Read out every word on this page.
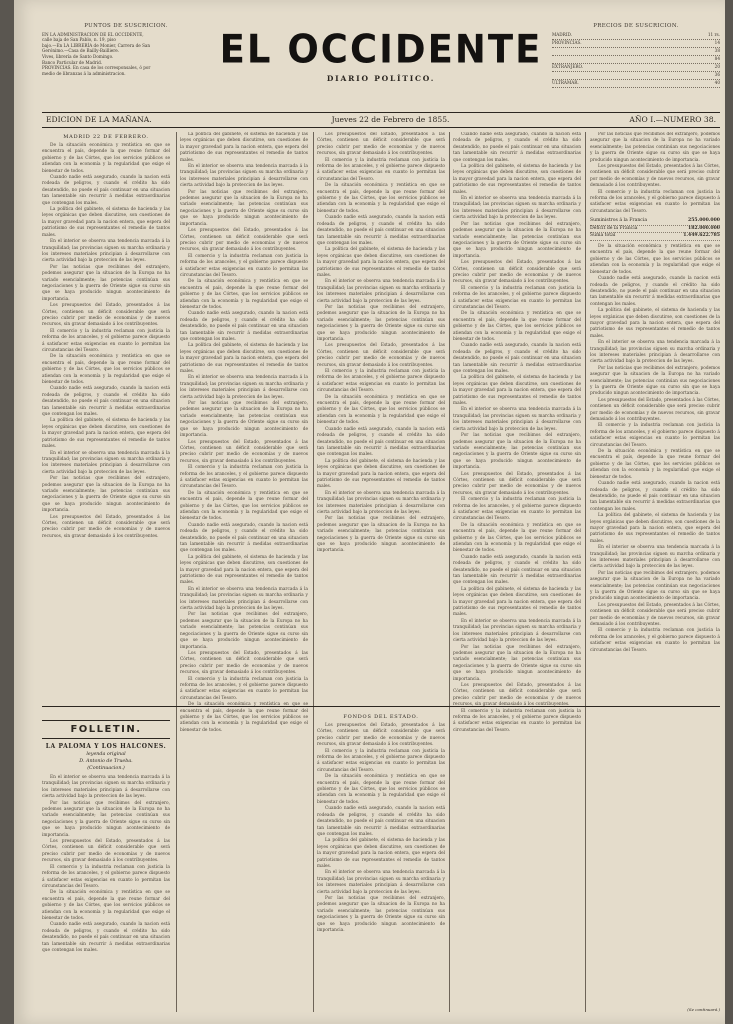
PUNTOS DE SUSCRICION.
EN LA ADMINISTRACION DE EL OCCIDENTE,
calle baja de San Pablo, n. 19, piso
bajo.—En LA LIBRERÍA de Monier, Carrera de San
Gerónimo.—Casa de Bailly-Bailliere.
Vives, librería de Santo Domingo.
Banco Particular de Madrid.
PROVINCIAS. En casa de los corresponsales, ó por
medio de libranzas á la administracion.
EL OCCIDENTE
DIARIO POLÍTICO.
PRECIOS DE SUSCRICION.
MADRID.	11 rs.
PROVINCIAS.	14
38
84
EXTRANJERO.	20
36
ULTRAMAR.	40
EDICION DE LA MAÑANA.	Jueves 22 de Febrero de 1855.	AÑO I.—NUMERO 38.
MADRID 22 DE FEBRERO.

De la situación económica y rentística en que se encuentra el país, depende la que reune formar del gobierno y de las Córtes, que los servicios públicos se atiendan con la economía y la regularidad que exige el bienestar de todos.

Cuando nadie está asegurado, cuando la nacion está rodeada de peligros, y cuando el crédito ha sido desatendido, no puede el país continuar en una situacion tan lamentable sin recurrir á medidas extraordinarias que contengan los males.

La política del gabinete, el sistema de hacienda y las leyes orgánicas que deben discutirse, son cuestiones de la mayor gravedad para la nacion entera, que espera del patriotismo de sus representantes el remedio de tantos males.

En el interior se observa una tendencia marcada á la tranquilidad; las provincias siguen su marcha ordinaria y los intereses materiales principian á desarrollarse con cierta actividad bajo la proteccion de las leyes.

Por las noticias que recibimos del extranjero, podemos asegurar que la situacion de la Europa no ha variado esencialmente; las potencias continúan sus negociaciones y la guerra de Oriente sigue su curso sin que se haya producido ningun acontecimiento de importancia.

Los presupuestos del Estado, presentados á las Córtes, contienen un déficit considerable que será preciso cubrir por medio de economías y de nuevos recursos, sin gravar demasiado á los contribuyentes.

El comercio y la industria reclaman con justicia la reforma de los aranceles, y el gobierno parece dispuesto á satisfacer estas exigencias en cuanto lo permitan las circunstancias del Tesoro.

De la situación económica y rentística en que se encuentra el país, depende la que reune formar del gobierno y de las Córtes, que los servicios públicos se atiendan con la economía y la regularidad que exige el bienestar de todos.

Cuando nadie está asegurado, cuando la nacion está rodeada de peligros, y cuando el crédito ha sido desatendido, no puede el país continuar en una situacion tan lamentable sin recurrir á medidas extraordinarias que contengan los males.

La política del gabinete, el sistema de hacienda y las leyes orgánicas que deben discutirse, son cuestiones de la mayor gravedad para la nacion entera, que espera del patriotismo de sus representantes el remedio de tantos males.

En el interior se observa una tendencia marcada á la tranquilidad; las provincias siguen su marcha ordinaria y los intereses materiales principian á desarrollarse con cierta actividad bajo la proteccion de las leyes.

Por las noticias que recibimos del extranjero, podemos asegurar que la situacion de la Europa no ha variado esencialmente; las potencias continúan sus negociaciones y la guerra de Oriente sigue su curso sin que se haya producido ningun acontecimiento de importancia.

Los presupuestos del Estado, presentados á las Córtes, contienen un déficit considerable que será preciso cubrir por medio de economías y de nuevos recursos, sin gravar demasiado á los contribuyentes.

FOLLETIN.
LA PALOMA Y LOS HALCONES.
leyenda original
D. Antonio de Trueba.
(Continuacion.)

En el interior se observa una tendencia marcada á la tranquilidad; las provincias siguen su marcha ordinaria y los intereses materiales principian á desarrollarse con cierta actividad bajo la proteccion de las leyes.

Por las noticias que recibimos del extranjero, podemos asegurar que la situacion de la Europa no ha variado esencialmente; las potencias continúan sus negociaciones y la guerra de Oriente sigue su curso sin que se haya producido ningun acontecimiento de importancia.

Los presupuestos del Estado, presentados á las Córtes, contienen un déficit considerable que será preciso cubrir por medio de economías y de nuevos recursos, sin gravar demasiado á los contribuyentes.

El comercio y la industria reclaman con justicia la reforma de los aranceles, y el gobierno parece dispuesto á satisfacer estas exigencias en cuanto lo permitan las circunstancias del Tesoro.

De la situación económica y rentística en que se encuentra el país, depende la que reune formar del gobierno y de las Córtes, que los servicios públicos se atiendan con la economía y la regularidad que exige el bienestar de todos.

Cuando nadie está asegurado, cuando la nacion está rodeada de peligros, y cuando el crédito ha sido desatendido, no puede el país continuar en una situacion tan lamentable sin recurrir á medidas extraordinarias que contengan los males.

La política del gabinete, el sistema de hacienda y las leyes orgánicas que deben discutirse, son cuestiones de la mayor gravedad para la nacion entera, que espera del patriotismo de sus representantes el remedio de tantos males.

En el interior se observa una tendencia marcada á la tranquilidad; las provincias siguen su marcha ordinaria y los intereses materiales principian á desarrollarse con cierta actividad bajo la proteccion de las leyes.

Por las noticias que recibimos del extranjero, podemos asegurar que la situacion de la Europa no ha variado esencialmente; las potencias continúan sus negociaciones y la guerra de Oriente sigue su curso sin que se haya producido ningun acontecimiento de importancia.

Los presupuestos del Estado, presentados á las Córtes, contienen un déficit considerable que será preciso cubrir por medio de economías y de nuevos recursos, sin gravar demasiado á los contribuyentes.

El comercio y la industria reclaman con justicia la reforma de los aranceles, y el gobierno parece dispuesto á satisfacer estas exigencias en cuanto lo permitan las circunstancias del Tesoro.

De la situación económica y rentística en que se encuentra el país, depende la que reune formar del gobierno y de las Córtes, que los servicios públicos se atiendan con la economía y la regularidad que exige el bienestar de todos.

Cuando nadie está asegurado, cuando la nacion está rodeada de peligros, y cuando el crédito ha sido desatendido, no puede el país continuar en una situacion tan lamentable sin recurrir á medidas extraordinarias que contengan los males.

La política del gabinete, el sistema de hacienda y las leyes orgánicas que deben discutirse, son cuestiones de la mayor gravedad para la nacion entera, que espera del patriotismo de sus representantes el remedio de tantos males.

En el interior se observa una tendencia marcada á la tranquilidad; las provincias siguen su marcha ordinaria y los intereses materiales principian á desarrollarse con cierta actividad bajo la proteccion de las leyes.

Por las noticias que recibimos del extranjero, podemos asegurar que la situacion de la Europa no ha variado esencialmente; las potencias continúan sus negociaciones y la guerra de Oriente sigue su curso sin que se haya producido ningun acontecimiento de importancia.

Los presupuestos del Estado, presentados á las Córtes, contienen un déficit considerable que será preciso cubrir por medio de economías y de nuevos recursos, sin gravar demasiado á los contribuyentes.

El comercio y la industria reclaman con justicia la reforma de los aranceles, y el gobierno parece dispuesto á satisfacer estas exigencias en cuanto lo permitan las circunstancias del Tesoro.

De la situación económica y rentística en que se encuentra el país, depende la que reune formar del gobierno y de las Córtes, que los servicios públicos se atiendan con la economía y la regularidad que exige el bienestar de todos.

Cuando nadie está asegurado, cuando la nacion está rodeada de peligros, y cuando el crédito ha sido desatendido, no puede el país continuar en una situacion tan lamentable sin recurrir á medidas extraordinarias que contengan los males.

La política del gabinete, el sistema de hacienda y las leyes orgánicas que deben discutirse, son cuestiones de la mayor gravedad para la nacion entera, que espera del patriotismo de sus representantes el remedio de tantos males.

En el interior se observa una tendencia marcada á la tranquilidad; las provincias siguen su marcha ordinaria y los intereses materiales principian á desarrollarse con cierta actividad bajo la proteccion de las leyes.

Por las noticias que recibimos del extranjero, podemos asegurar que la situacion de la Europa no ha variado esencialmente; las potencias continúan sus negociaciones y la guerra de Oriente sigue su curso sin que se haya producido ningun acontecimiento de importancia.

Los presupuestos del Estado, presentados á las Córtes, contienen un déficit considerable que será preciso cubrir por medio de economías y de nuevos recursos, sin gravar demasiado á los contribuyentes.

El comercio y la industria reclaman con justicia la reforma de los aranceles, y el gobierno parece dispuesto á satisfacer estas exigencias en cuanto lo permitan las circunstancias del Tesoro.

De la situación económica y rentística en que se encuentra el país, depende la que reune formar del gobierno y de las Córtes, que los servicios públicos se atiendan con la economía y la regularidad que exige el bienestar de todos.

Los presupuestos del Estado, presentados á las Córtes, contienen un déficit considerable que será preciso cubrir por medio de economías y de nuevos recursos, sin gravar demasiado á los contribuyentes.

El comercio y la industria reclaman con justicia la reforma de los aranceles, y el gobierno parece dispuesto á satisfacer estas exigencias en cuanto lo permitan las circunstancias del Tesoro.

De la situación económica y rentística en que se encuentra el país, depende la que reune formar del gobierno y de las Córtes, que los servicios públicos se atiendan con la economía y la regularidad que exige el bienestar de todos.

Cuando nadie está asegurado, cuando la nacion está rodeada de peligros, y cuando el crédito ha sido desatendido, no puede el país continuar en una situacion tan lamentable sin recurrir á medidas extraordinarias que contengan los males.

La política del gabinete, el sistema de hacienda y las leyes orgánicas que deben discutirse, son cuestiones de la mayor gravedad para la nacion entera, que espera del patriotismo de sus representantes el remedio de tantos males.

En el interior se observa una tendencia marcada á la tranquilidad; las provincias siguen su marcha ordinaria y los intereses materiales principian á desarrollarse con cierta actividad bajo la proteccion de las leyes.

Por las noticias que recibimos del extranjero, podemos asegurar que la situacion de la Europa no ha variado esencialmente; las potencias continúan sus negociaciones y la guerra de Oriente sigue su curso sin que se haya producido ningun acontecimiento de importancia.

Los presupuestos del Estado, presentados á las Córtes, contienen un déficit considerable que será preciso cubrir por medio de economías y de nuevos recursos, sin gravar demasiado á los contribuyentes.

El comercio y la industria reclaman con justicia la reforma de los aranceles, y el gobierno parece dispuesto á satisfacer estas exigencias en cuanto lo permitan las circunstancias del Tesoro.

De la situación económica y rentística en que se encuentra el país, depende la que reune formar del gobierno y de las Córtes, que los servicios públicos se atiendan con la economía y la regularidad que exige el bienestar de todos.

Cuando nadie está asegurado, cuando la nacion está rodeada de peligros, y cuando el crédito ha sido desatendido, no puede el país continuar en una situacion tan lamentable sin recurrir á medidas extraordinarias que contengan los males.

La política del gabinete, el sistema de hacienda y las leyes orgánicas que deben discutirse, son cuestiones de la mayor gravedad para la nacion entera, que espera del patriotismo de sus representantes el remedio de tantos males.

En el interior se observa una tendencia marcada á la tranquilidad; las provincias siguen su marcha ordinaria y los intereses materiales principian á desarrollarse con cierta actividad bajo la proteccion de las leyes.

Por las noticias que recibimos del extranjero, podemos asegurar que la situacion de la Europa no ha variado esencialmente; las potencias continúan sus negociaciones y la guerra de Oriente sigue su curso sin que se haya producido ningun acontecimiento de importancia.

FONDOS DEL ESTADO.

Los presupuestos del Estado, presentados á las Córtes, contienen un déficit considerable que será preciso cubrir por medio de economías y de nuevos recursos, sin gravar demasiado á los contribuyentes.

El comercio y la industria reclaman con justicia la reforma de los aranceles, y el gobierno parece dispuesto á satisfacer estas exigencias en cuanto lo permitan las circunstancias del Tesoro.

De la situación económica y rentística en que se encuentra el país, depende la que reune formar del gobierno y de las Córtes, que los servicios públicos se atiendan con la economía y la regularidad que exige el bienestar de todos.

Cuando nadie está asegurado, cuando la nacion está rodeada de peligros, y cuando el crédito ha sido desatendido, no puede el país continuar en una situacion tan lamentable sin recurrir á medidas extraordinarias que contengan los males.

La política del gabinete, el sistema de hacienda y las leyes orgánicas que deben discutirse, son cuestiones de la mayor gravedad para la nacion entera, que espera del patriotismo de sus representantes el remedio de tantos males.

En el interior se observa una tendencia marcada á la tranquilidad; las provincias siguen su marcha ordinaria y los intereses materiales principian á desarrollarse con cierta actividad bajo la proteccion de las leyes.

Por las noticias que recibimos del extranjero, podemos asegurar que la situacion de la Europa no ha variado esencialmente; las potencias continúan sus negociaciones y la guerra de Oriente sigue su curso sin que se haya producido ningun acontecimiento de importancia.

Cuando nadie está asegurado, cuando la nacion está rodeada de peligros, y cuando el crédito ha sido desatendido, no puede el país continuar en una situacion tan lamentable sin recurrir á medidas extraordinarias que contengan los males.

La política del gabinete, el sistema de hacienda y las leyes orgánicas que deben discutirse, son cuestiones de la mayor gravedad para la nacion entera, que espera del patriotismo de sus representantes el remedio de tantos males.

En el interior se observa una tendencia marcada á la tranquilidad; las provincias siguen su marcha ordinaria y los intereses materiales principian á desarrollarse con cierta actividad bajo la proteccion de las leyes.

Por las noticias que recibimos del extranjero, podemos asegurar que la situacion de la Europa no ha variado esencialmente; las potencias continúan sus negociaciones y la guerra de Oriente sigue su curso sin que se haya producido ningun acontecimiento de importancia.

Los presupuestos del Estado, presentados á las Córtes, contienen un déficit considerable que será preciso cubrir por medio de economías y de nuevos recursos, sin gravar demasiado á los contribuyentes.

El comercio y la industria reclaman con justicia la reforma de los aranceles, y el gobierno parece dispuesto á satisfacer estas exigencias en cuanto lo permitan las circunstancias del Tesoro.

De la situación económica y rentística en que se encuentra el país, depende la que reune formar del gobierno y de las Córtes, que los servicios públicos se atiendan con la economía y la regularidad que exige el bienestar de todos.

Cuando nadie está asegurado, cuando la nacion está rodeada de peligros, y cuando el crédito ha sido desatendido, no puede el país continuar en una situacion tan lamentable sin recurrir á medidas extraordinarias que contengan los males.

La política del gabinete, el sistema de hacienda y las leyes orgánicas que deben discutirse, son cuestiones de la mayor gravedad para la nacion entera, que espera del patriotismo de sus representantes el remedio de tantos males.

En el interior se observa una tendencia marcada á la tranquilidad; las provincias siguen su marcha ordinaria y los intereses materiales principian á desarrollarse con cierta actividad bajo la proteccion de las leyes.

Por las noticias que recibimos del extranjero, podemos asegurar que la situacion de la Europa no ha variado esencialmente; las potencias continúan sus negociaciones y la guerra de Oriente sigue su curso sin que se haya producido ningun acontecimiento de importancia.

Los presupuestos del Estado, presentados á las Córtes, contienen un déficit considerable que será preciso cubrir por medio de economías y de nuevos recursos, sin gravar demasiado á los contribuyentes.

El comercio y la industria reclaman con justicia la reforma de los aranceles, y el gobierno parece dispuesto á satisfacer estas exigencias en cuanto lo permitan las circunstancias del Tesoro.

De la situación económica y rentística en que se encuentra el país, depende la que reune formar del gobierno y de las Córtes, que los servicios públicos se atiendan con la economía y la regularidad que exige el bienestar de todos.

Cuando nadie está asegurado, cuando la nacion está rodeada de peligros, y cuando el crédito ha sido desatendido, no puede el país continuar en una situacion tan lamentable sin recurrir á medidas extraordinarias que contengan los males.

La política del gabinete, el sistema de hacienda y las leyes orgánicas que deben discutirse, son cuestiones de la mayor gravedad para la nacion entera, que espera del patriotismo de sus representantes el remedio de tantos males.

En el interior se observa una tendencia marcada á la tranquilidad; las provincias siguen su marcha ordinaria y los intereses materiales principian á desarrollarse con cierta actividad bajo la proteccion de las leyes.

Por las noticias que recibimos del extranjero, podemos asegurar que la situacion de la Europa no ha variado esencialmente; las potencias continúan sus negociaciones y la guerra de Oriente sigue su curso sin que se haya producido ningun acontecimiento de importancia.

Los presupuestos del Estado, presentados á las Córtes, contienen un déficit considerable que será preciso cubrir por medio de economías y de nuevos recursos, sin gravar demasiado á los contribuyentes.

El comercio y la industria reclaman con justicia la reforma de los aranceles, y el gobierno parece dispuesto á satisfacer estas exigencias en cuanto lo permitan las circunstancias del Tesoro.

Por las noticias que recibimos del extranjero, podemos asegurar que la situacion de la Europa no ha variado esencialmente; las potencias continúan sus negociaciones y la guerra de Oriente sigue su curso sin que se haya producido ningun acontecimiento de importancia.

Los presupuestos del Estado, presentados á las Córtes, contienen un déficit considerable que será preciso cubrir por medio de economías y de nuevos recursos, sin gravar demasiado á los contribuyentes.

El comercio y la industria reclaman con justicia la reforma de los aranceles, y el gobierno parece dispuesto á satisfacer estas exigencias en cuanto lo permitan las circunstancias del Tesoro.

Suministros á la Francia	255.000.000
Déficit de la Francia	182.000.000
Suma total	1.449.622.785

De la situación económica y rentística en que se encuentra el país, depende la que reune formar del gobierno y de las Córtes, que los servicios públicos se atiendan con la economía y la regularidad que exige el bienestar de todos.

Cuando nadie está asegurado, cuando la nacion está rodeada de peligros, y cuando el crédito ha sido desatendido, no puede el país continuar en una situacion tan lamentable sin recurrir á medidas extraordinarias que contengan los males.

La política del gabinete, el sistema de hacienda y las leyes orgánicas que deben discutirse, son cuestiones de la mayor gravedad para la nacion entera, que espera del patriotismo de sus representantes el remedio de tantos males.

En el interior se observa una tendencia marcada á la tranquilidad; las provincias siguen su marcha ordinaria y los intereses materiales principian á desarrollarse con cierta actividad bajo la proteccion de las leyes.

Por las noticias que recibimos del extranjero, podemos asegurar que la situacion de la Europa no ha variado esencialmente; las potencias continúan sus negociaciones y la guerra de Oriente sigue su curso sin que se haya producido ningun acontecimiento de importancia.

Los presupuestos del Estado, presentados á las Córtes, contienen un déficit considerable que será preciso cubrir por medio de economías y de nuevos recursos, sin gravar demasiado á los contribuyentes.

El comercio y la industria reclaman con justicia la reforma de los aranceles, y el gobierno parece dispuesto á satisfacer estas exigencias en cuanto lo permitan las circunstancias del Tesoro.

De la situación económica y rentística en que se encuentra el país, depende la que reune formar del gobierno y de las Córtes, que los servicios públicos se atiendan con la economía y la regularidad que exige el bienestar de todos.

Cuando nadie está asegurado, cuando la nacion está rodeada de peligros, y cuando el crédito ha sido desatendido, no puede el país continuar en una situacion tan lamentable sin recurrir á medidas extraordinarias que contengan los males.

La política del gabinete, el sistema de hacienda y las leyes orgánicas que deben discutirse, son cuestiones de la mayor gravedad para la nacion entera, que espera del patriotismo de sus representantes el remedio de tantos males.

En el interior se observa una tendencia marcada á la tranquilidad; las provincias siguen su marcha ordinaria y los intereses materiales principian á desarrollarse con cierta actividad bajo la proteccion de las leyes.

Por las noticias que recibimos del extranjero, podemos asegurar que la situacion de la Europa no ha variado esencialmente; las potencias continúan sus negociaciones y la guerra de Oriente sigue su curso sin que se haya producido ningun acontecimiento de importancia.

Los presupuestos del Estado, presentados á las Córtes, contienen un déficit considerable que será preciso cubrir por medio de economías y de nuevos recursos, sin gravar demasiado á los contribuyentes.

El comercio y la industria reclaman con justicia la reforma de los aranceles, y el gobierno parece dispuesto á satisfacer estas exigencias en cuanto lo permitan las circunstancias del Tesoro.

(Se continuará.)
